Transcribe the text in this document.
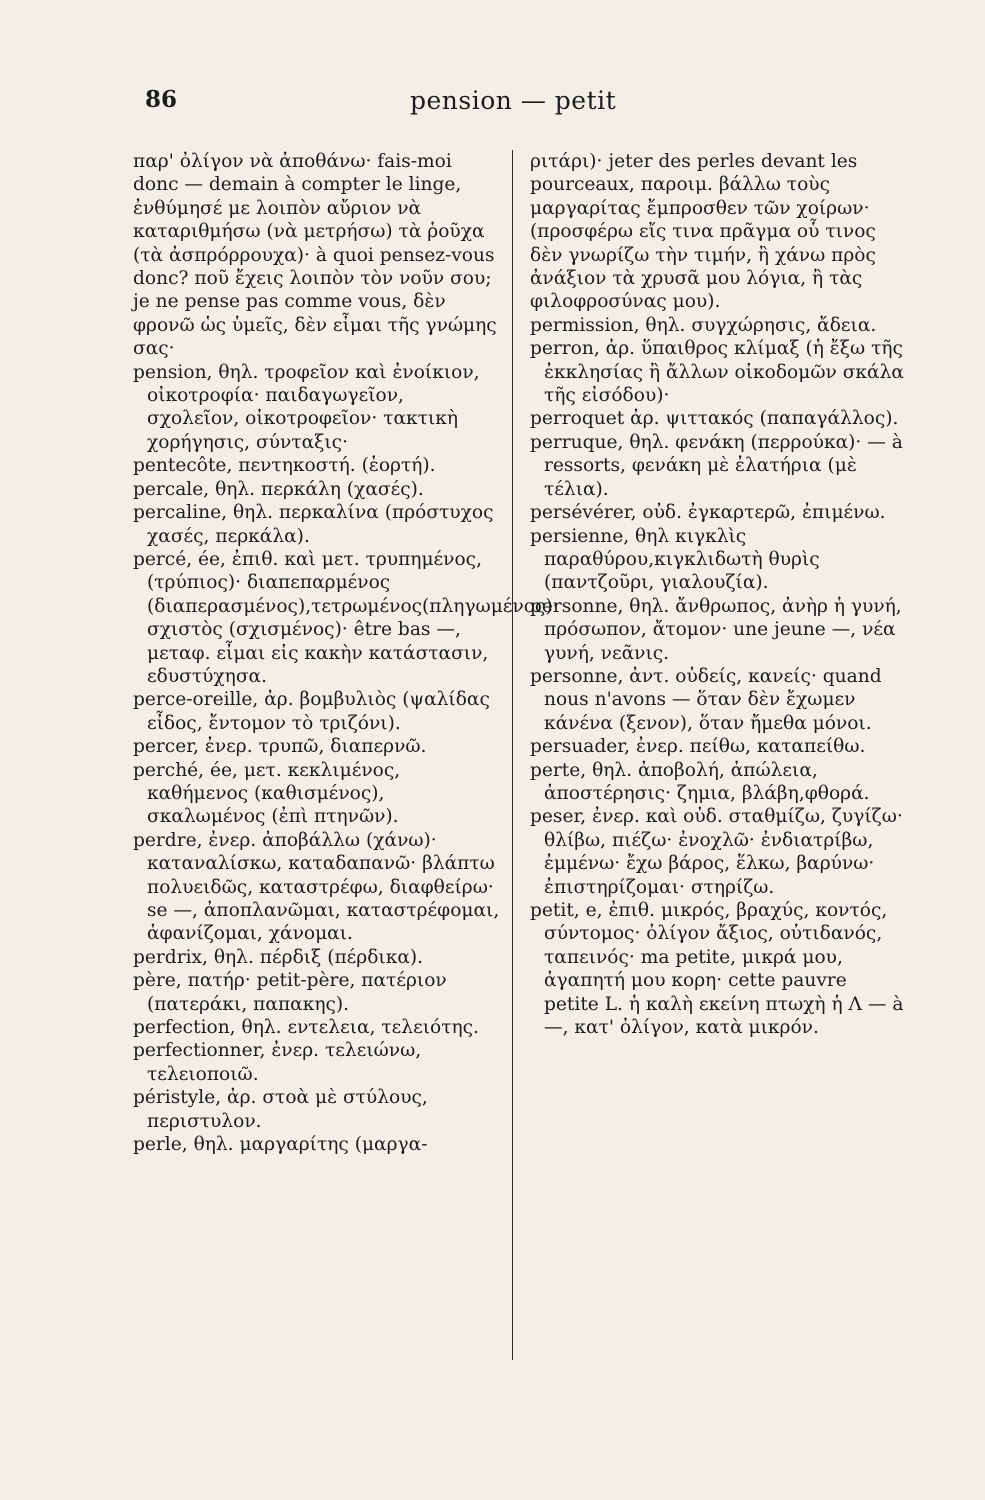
86	pension — petit

παρ' ὀλίγον νὰ ἀποθάνω· fais-moi donc — demain à compter le linge, ἐνθύμησέ με λοιπὸν αὔριον νὰ καταριθμήσω (νὰ μετρήσω) τὰ ῥοῦχα (τὰ ἀσπρόρρουχα)· à quoi pensez-vous donc? ποῦ ἔχεις λοιπὸν τὸν νοῦν σου; je ne pense pas comme vous, δὲν φρονῶ ὡς ὑμεῖς, δὲν εἶμαι τῆς γνώμης σας·

pension, θηλ. τροφεῖον καὶ ἐνοίκιον, οἰκοτροφία· παιδαγωγεῖον, σχολεῖον, οἰκοτροφεῖον· τακτικὴ χορήγησις, σύνταξις·

pentecôte, πεντηκοστή. (ἑορτή).

percale, θηλ. περκάλη (χασές).

percaline, θηλ. περκαλίνα (πρόστυχος χασές, περκάλα).

percé, ée, ἐπιθ. καὶ μετ. τρυπημένος, (τρύπιος)· διαπεπαρμένος (διαπερασμένος),τετρωμένος(πληγωμένος)· σχιστὸς (σχισμένος)· être bas —, μεταφ. εἶμαι εἰς κακὴν κατάστασιν, εδυστύχησα.

perce-oreille, ἀρ. βομβυλιὸς (ψαλίδας εἶδος, ἔντομον τὸ τριζόνι).

percer, ἐνερ. τρυπῶ, διαπερνῶ.

perché, ée, μετ. κεκλιμένος, καθήμενος (καθισμένος), σκαλωμένος (ἐπὶ πτηνῶν).

perdre, ἐνερ. ἀποβάλλω (χάνω)· καταναλίσκω, καταδαπανῶ· βλάπτω πολυειδῶς, καταστρέφω, διαφθείρω· se —, ἀποπλανῶμαι, καταστρέφομαι, ἀφανίζομαι, χάνομαι.

perdrix, θηλ. πέρδιξ (πέρδικα).

père, πατήρ· petit-père, πατέριον (πατεράκι, παπακης).

perfection, θηλ. εντελεια, τελειότης.

perfectionner, ἐνερ. τελειώνω, τελειοποιῶ.

péristyle, ἀρ. στοὰ μὲ στύλους, περιστυλον.

perle, θηλ. μαργαρίτης (μαργα-

ριτάρι)· jeter des perles devant les pourceaux, παροιμ. βάλλω τοὺς μαργαρίτας ἔμπροσθεν τῶν χοίρων· (προσφέρω εἴς τινα πρᾶγμα οὗ τινος δὲν γνωρίζω τὴν τιμήν, ἢ χάνω πρὸς ἀνάξιον τὰ χρυσᾶ μου λόγια, ἢ τὰς φιλοφροσύνας μου).

permission, θηλ. συγχώρησις, ἄδεια.

perron, ἀρ. ὕπαιθρος κλίμαξ (ἡ ἔξω τῆς ἐκκλησίας ἢ ἄλλων οἰκοδομῶν σκάλα τῆς εἰσόδου)·

perroquet ἀρ. ψιττακός (παπαγάλλος).

perruque, θηλ. φενάκη (περρούκα)· — à ressorts, φενάκη μὲ ἐλατήρια (μὲ τέλια).

persévérer, οὐδ. ἐγκαρτερῶ, ἐπιμένω.

persienne, θηλ κιγκλὶς παραθύρου,κιγκλιδωτὴ θυρὶς (παντζοῦρι, γιαλουζία).

personne, θηλ. ἄνθρωπος, ἀνὴρ ἡ γυνή, πρόσωπον, ἄτομον· une jeune —, νέα γυνή, νεᾶνις.

personne, ἀντ. οὐδείς, κανείς· quand nous n'avons — ὅταν δὲν ἔχωμεν κάνένα (ξενον), ὅταν ἤμεθα μόνοι.

persuader, ἐνερ. πείθω, καταπείθω.

perte, θηλ. ἀποβολή, ἀπώλεια, ἀποστέρησις· ζημια, βλάβη,φθορά.

peser, ἐνερ. καὶ οὐδ. σταθμίζω, ζυγίζω· θλίβω, πιέζω· ἐνοχλῶ· ἐνδιατρίβω, ἐμμένω· ἔχω βάρος, ἕλκω, βαρύνω· ἐπιστηρίζομαι· στηρίζω.

petit, e, ἐπιθ. μικρός, βραχύς, κοντός, σύντομος· ὀλίγον ἄξιος, οὐτιδανός, ταπεινός· ma petite, μικρά μου, ἀγαπητή μου κορη· cette pauvre petite L. ἡ καλὴ εκείνη πτωχὴ ἡ Λ — à —, κατ' ὀλίγον, κατὰ μικρόν.
